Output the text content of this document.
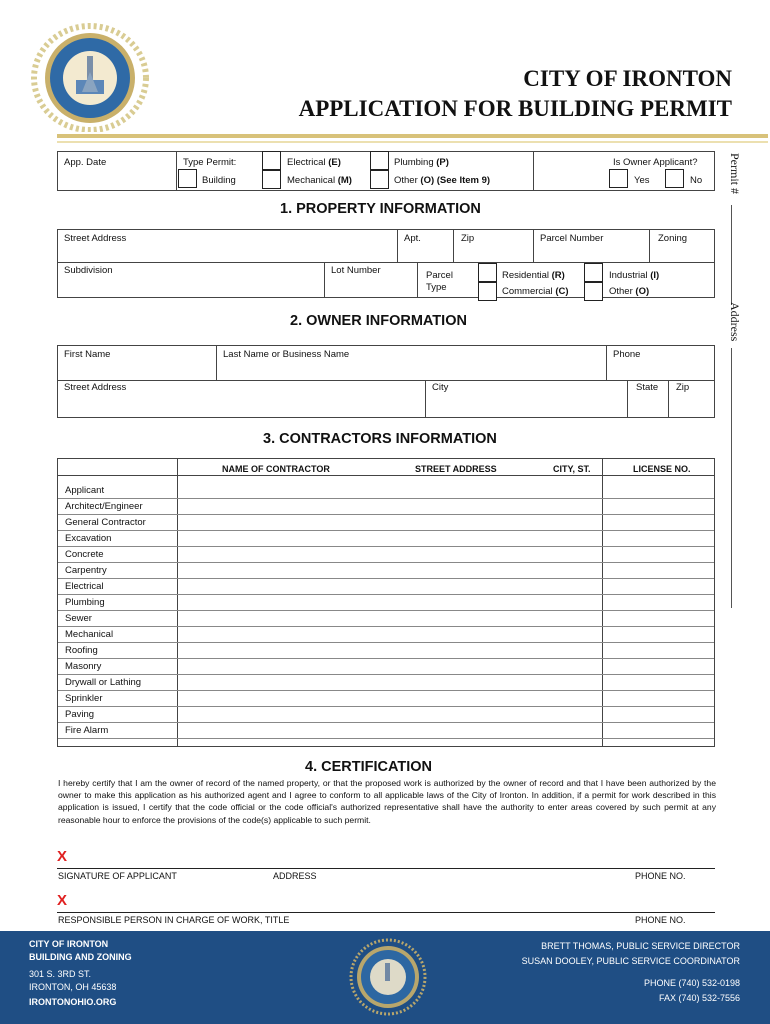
CITY OF IRONTON
APPLICATION FOR BUILDING PERMIT
Permit #
Address
App. Date	Type Permit:
Building
Electrical (E)
Mechanical (M)
Plumbing (P)
Other (O) (See Item 9)
Is Owner Applicant?
Yes	No
1. PROPERTY INFORMATION
Street Address	Apt.	Zip	Parcel Number	Zoning
Subdivision	Lot Number	Parcel
Type
Residential (R)
Commercial (C)
Industrial (I)
Other (O)
2. OWNER INFORMATION
First Name	Last Name or Business Name	Phone
Street Address	City	State Zip
3. CONTRACTORS INFORMATION
NAME OF CONTRACTOR	STREET ADDRESS	CITY, ST.	LICENSE NO.
Applicant
Architect/Engineer
General Contractor
Excavation
Concrete
Carpentry
Electrical
Plumbing
Sewer
Mechanical
Roofing
Masonry
Drywall or Lathing
Sprinkler
Paving
Fire Alarm
4. CERTIFICATION
I hereby certify that I am the owner of record of the named property, or that the proposed work is authorized by the owner of record and that I have been authorized by the owner to make this application as his authorized agent and I agree to conform to all applicable laws of the City of Ironton. In addition, if a permit for work described in this application is issued, I certify that the code official or the code official's authorized representative shall have the authority to enter areas covered by such permit at any reasonable hour to enforce the provisions of the code(s) applicable to such permit.
X
SIGNATURE OF APPLICANT	ADDRESS	PHONE NO.
X
RESPONSIBLE PERSON IN CHARGE OF WORK, TITLE	PHONE NO.
CITY OF IRONTON
BUILDING AND ZONING
301 S. 3RD ST.
IRONTON, OH 45638
IRONTONOHIO.ORG
BRETT THOMAS, PUBLIC SERVICE DIRECTOR
SUSAN DOOLEY, PUBLIC SERVICE COORDINATOR
PHONE (740) 532-0198
FAX (740) 532-7556
